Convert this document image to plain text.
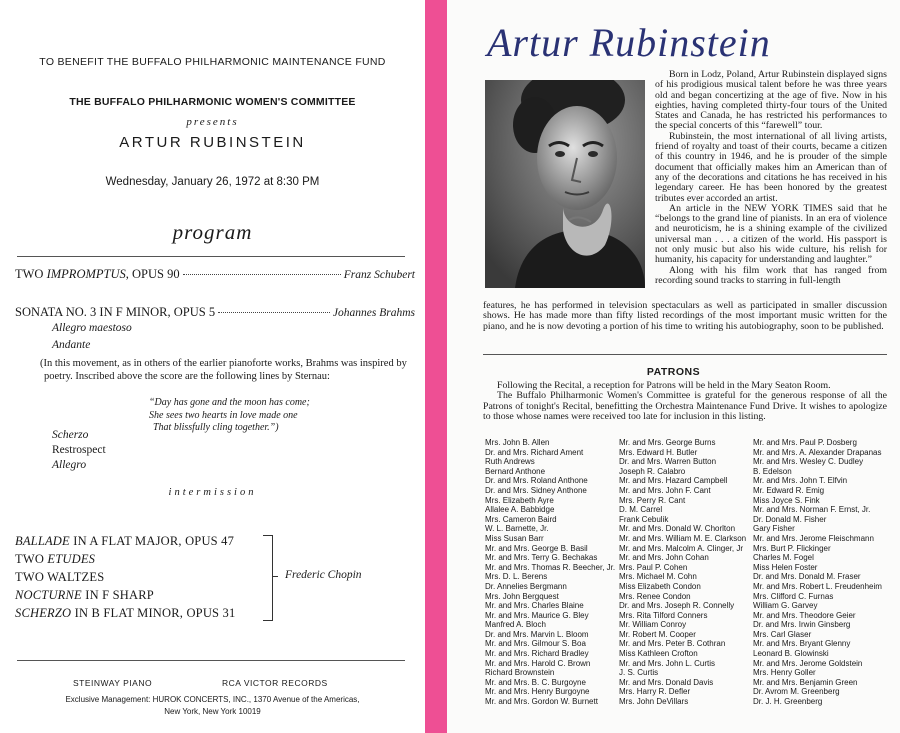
TO BENEFIT THE BUFFALO PHILHARMONIC MAINTENANCE FUND
THE BUFFALO PHILHARMONIC WOMEN'S COMMITTEE
presents
ARTUR RUBINSTEIN
Wednesday, January 26, 1972 at 8:30 PM
program
TWO IMPROMPTUS, OPUS 90	Franz Schubert
SONATA NO. 3 IN F MINOR, OPUS 5	Johannes Brahms
Allegro maestoso
Andante
(In this movement, as in others of the earlier pianoforte works, Brahms was inspired by poetry. Inscribed above the score are the following lines by Sternau:
“Day has gone and the moon has come;
She sees two hearts in love made one
That blissfully cling together.”)
Scherzo
Restrospect
Allegro
intermission
BALLADE IN A FLAT MAJOR, OPUS 47
TWO ETUDES
TWO WALTZES
NOCTURNE IN F SHARP
SCHERZO IN B FLAT MINOR, OPUS 31
Frederic Chopin
STEINWAY PIANO	RCA VICTOR RECORDS
Exclusive Management: HUROK CONCERTS, INC., 1370 Avenue of the Americas,
New York, New York 10019
Artur Rubinstein

Born in Lodz, Poland, Artur Rubinstein displayed signs of his prodigious musical talent before he was three years old and began concertizing at the age of five. Now in his eighties, having completed thirty-four tours of the United States and Canada, he has restricted his performances to the special concerts of this “farewell” tour.

Rubinstein, the most international of all living artists, friend of royalty and toast of their courts, became a citizen of this country in 1946, and he is prouder of the simple document that officially makes him an American than of any of the decorations and citations he has received in his legendary career. He has been honored by the greatest tributes ever accorded an artist.

An article in the NEW YORK TIMES said that he “belongs to the grand line of pianists. In an era of violence and neuroticism, he is a shining example of the civilized universal man . . . a citizen of the world. His passport is not only music but also his wide culture, his relish for humanity, his capacity for understanding and laughter.”

Along with his film work that has ranged from recording sound tracks to starring in full-length

features, he has performed in television spectaculars as well as participated in smaller discussion shows. He has made more than fifty listed recordings of the most important music written for the piano, and he is now devoting a portion of his time to writing his autobiography, soon to be published.
PATRONS

Following the Recital, a reception for Patrons will be held in the Mary Seaton Room.

The Buffalo Philharmonic Women's Committee is grateful for the generous response of all the Patrons of tonight's Recital, benefitting the Orchestra Maintenance Fund Drive. It wishes to apologize to those whose names were received too late for inclusion in this listing.

Mrs. John B. Allen
Dr. and Mrs. Richard Ament
Ruth Andrews
Bernard Anthone
Dr. and Mrs. Roland Anthone
Dr. and Mrs. Sidney Anthone
Mrs. Elizabeth Ayre
Allalee A. Babbidge
Mrs. Cameron Baird
W. L. Barnette, Jr.
Miss Susan Barr
Mr. and Mrs. George B. Basil
Mr. and Mrs. Terry G. Bechakas
Mr. and Mrs. Thomas R. Beecher, Jr.
Mrs. D. L. Berens
Dr. Annelies Bergmann
Mrs. John Bergquest
Mr. and Mrs. Charles Blaine
Mr. and Mrs. Maurice G. Bley
Manfred A. Bloch
Dr. and Mrs. Marvin L. Bloom
Mr. and Mrs. Gilmour S. Boa
Mr. and Mrs. Richard Bradley
Mr. and Mrs. Harold C. Brown
Richard Brownstein
Mr. and Mrs. B. C. Burgoyne
Mr. and Mrs. Henry Burgoyne
Mr. and Mrs. Gordon W. Burnett
Mr. and Mrs. George Burns
Mrs. Edward H. Butler
Dr. and Mrs. Warren Button
Joseph R. Calabro
Mr. and Mrs. Hazard Campbell
Mr. and Mrs. John F. Cant
Mrs. Perry R. Cant
D. M. Carrel
Frank Cebulik
Mr. and Mrs. Donald W. Chorlton
Mr. and Mrs. William M. E. Clarkson
Mr. and Mrs. Malcolm A. Clinger, Jr
Mr. and Mrs. John Cohan
Mrs. Paul P. Cohen
Mrs. Michael M. Cohn
Miss Elizabeth Condon
Mrs. Renee Condon
Dr. and Mrs. Joseph R. Connelly
Mrs. Rita Tilford Conners
Mr. William Conroy
Mr. Robert M. Cooper
Mr. and Mrs. Peter B. Cothran
Miss Kathleen Crofton
Mr. and Mrs. John L. Curtis
J. S. Curtis
Mr. and Mrs. Donald Davis
Mrs. Harry R. Defler
Mrs. John DeVillars
Mr. and Mrs. Paul P. Dosberg
Mr. and Mrs. A. Alexander Drapanas
Mr. and Mrs. Wesley C. Dudley
B. Edelson
Mr. and Mrs. John T. Elfvin
Mr. Edward R. Emig
Miss Joyce S. Fink
Mr. and Mrs. Norman F. Ernst, Jr.
Dr. Donald M. Fisher
Gary Fisher
Mr. and Mrs. Jerome Fleischmann
Mrs. Burt P. Flickinger
Charles M. Fogel
Miss Helen Foster
Dr. and Mrs. Donald M. Fraser
Mr. and Mrs. Robert L. Freudenheim
Mrs. Clifford C. Furnas
William G. Garvey
Mr. and Mrs. Theodore Geier
Dr. and Mrs. Irwin Ginsberg
Mrs. Carl Glaser
Mr. and Mrs. Bryant Glenny
Leonard B. Glowinski
Mr. and Mrs. Jerome Goldstein
Mrs. Henry Goller
Mr. and Mrs. Benjamin Green
Dr. Avrom M. Greenberg
Dr. J. H. Greenberg
